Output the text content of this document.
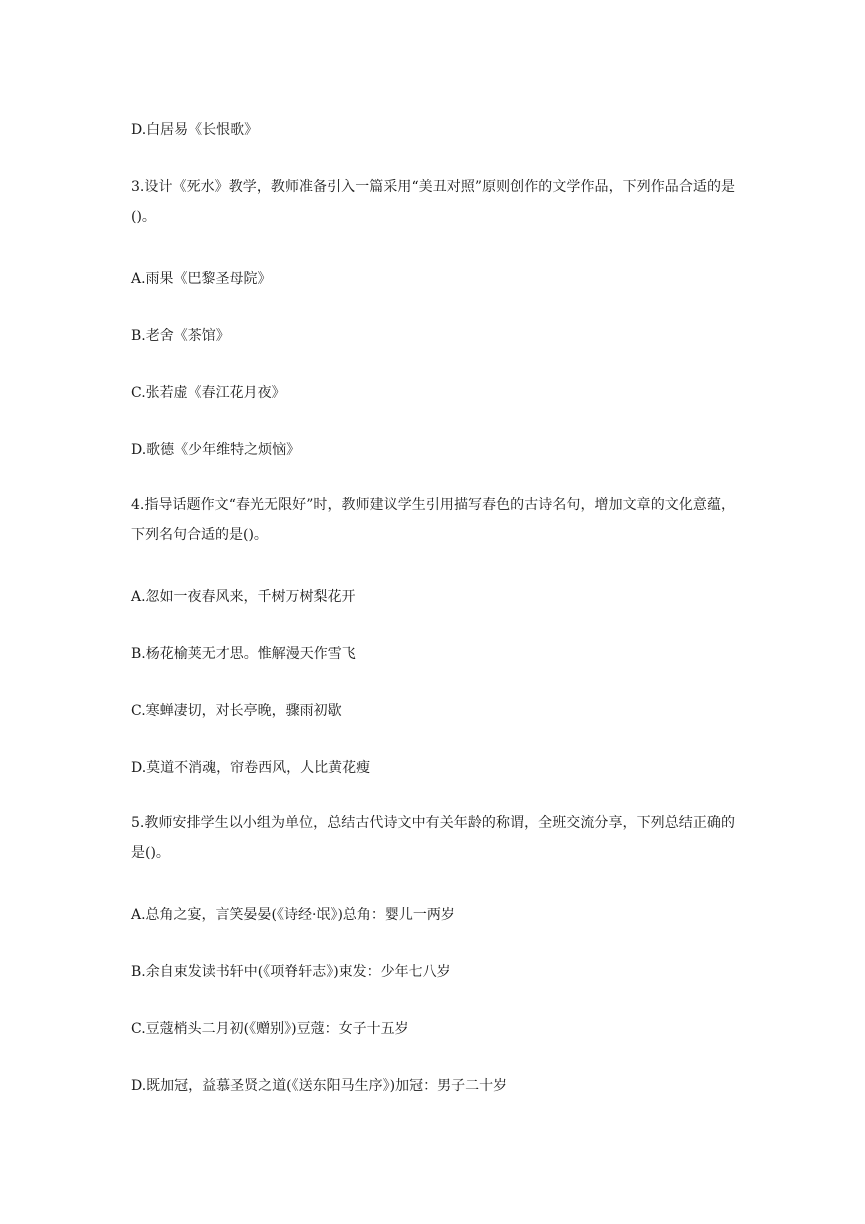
D.白居易《长恨歌》
3.设计《死水》教学，教师准备引入一篇采用“美丑对照”原则创作的文学作品，下列作品合适的是()。
A.雨果《巴黎圣母院》
B.老舍《茶馆》
C.张若虚《春江花月夜》
D.歌德《少年维特之烦恼》
4.指导话题作文“春光无限好”时，教师建议学生引用描写春色的古诗名句，增加文章的文化意蕴，下列名句合适的是()。
A.忽如一夜春风来，千树万树梨花开
B.杨花榆荚无才思。惟解漫天作雪飞
C.寒蝉凄切，对长亭晚，骤雨初歇
D.莫道不消魂，帘卷西风，人比黄花瘦
5.教师安排学生以小组为单位，总结古代诗文中有关年龄的称谓，全班交流分享，下列总结正确的是()。
A.总角之宴，言笑晏晏(《诗经·氓》)总角：婴儿一两岁
B.余自束发读书轩中(《项脊轩志》)束发：少年七八岁
C.豆蔻梢头二月初(《赠别》)豆蔻：女子十五岁
D.既加冠，益慕圣贤之道(《送东阳马生序》)加冠：男子二十岁
